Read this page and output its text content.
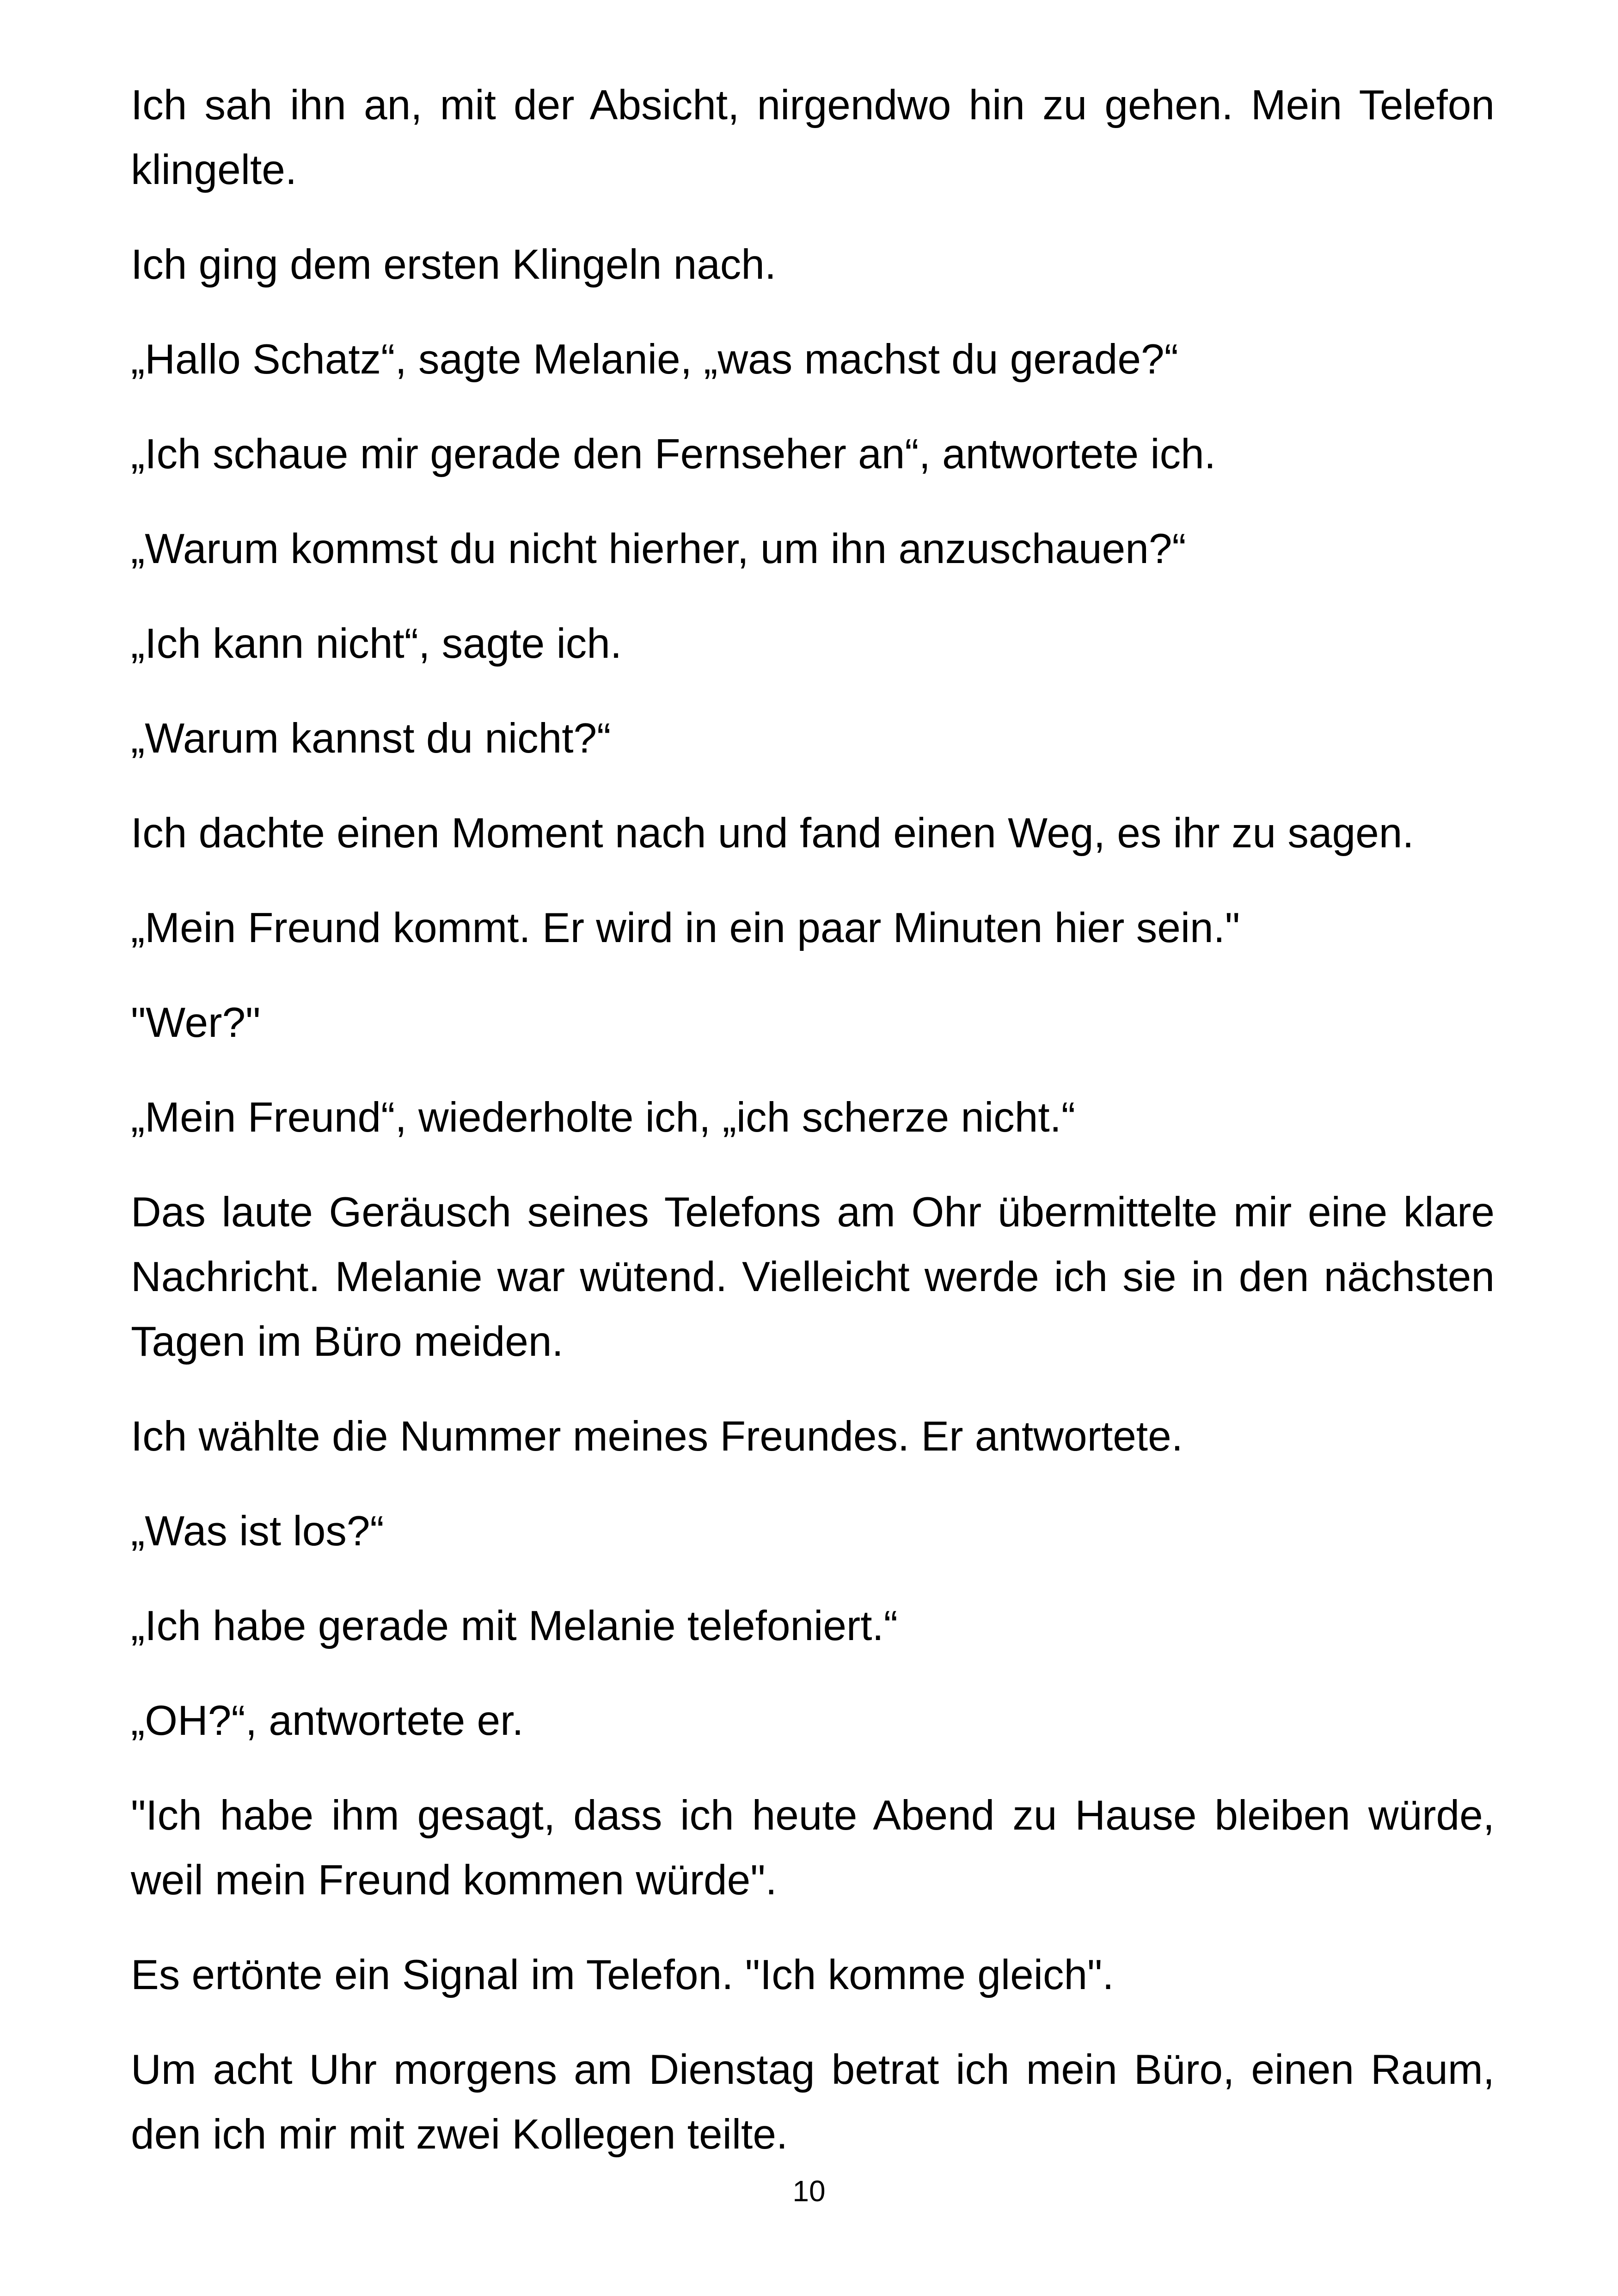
Ich sah ihn an, mit der Absicht, nirgendwo hin zu gehen. Mein Telefon klingelte.

Ich ging dem ersten Klingeln nach.

„Hallo Schatz“, sagte Melanie, „was machst du gerade?“

„Ich schaue mir gerade den Fernseher an“, antwortete ich.

„Warum kommst du nicht hierher, um ihn anzuschauen?“

„Ich kann nicht“, sagte ich.

„Warum kannst du nicht?“

Ich dachte einen Moment nach und fand einen Weg, es ihr zu sagen.

„Mein Freund kommt. Er wird in ein paar Minuten hier sein."

"Wer?"

„Mein Freund“, wiederholte ich, „ich scherze nicht.“

Das laute Geräusch seines Telefons am Ohr übermittelte mir eine klare Nachricht. Melanie war wütend. Vielleicht werde ich sie in den nächsten Tagen im Büro meiden.

Ich wählte die Nummer meines Freundes. Er antwortete.

„Was ist los?“

„Ich habe gerade mit Melanie telefoniert.“

„OH?“, antwortete er.

"Ich habe ihm gesagt, dass ich heute Abend zu Hause bleiben würde, weil mein Freund kommen würde".

Es ertönte ein Signal im Telefon. "Ich komme gleich".

Um acht Uhr morgens am Dienstag betrat ich mein Büro, einen Raum, den ich mir mit zwei Kollegen teilte.

10
